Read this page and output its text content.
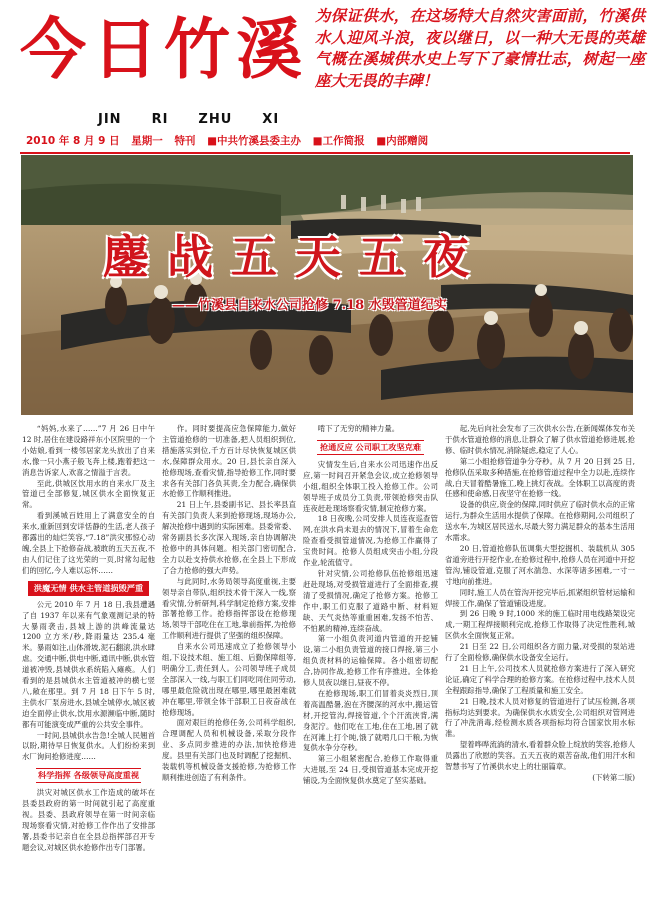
今日竹溪
JIN RI ZHU XI
为保证供水，在这场特大自然灾害面前，竹溪供水人迎风斗浪，夜以继日，以一种大无畏的英雄气概在溪城供水史上写下了豪情壮志，树起一座座大无畏的丰碑！
2010 年 8 月 9 日 星期一 特刊 ■中共竹溪县委主办 ■工作简报 ■内部赠阅
鏖战五天五夜
——竹溪县自来水公司抢修 7.18 水毁管道纪实

“妈妈,水来了……”7 月 26 日中午 12 时,居住在建设路祥东小区院里的一个小姑娘,看到一楼邻居家龙头放出了自来水,像一只小燕子般飞奔上楼,跑着把这一消息告诉家人,欢喜之情溢于言表。

至此,供城区饮用水的自来水厂及主管道已全部修复,城区供水全面恢复正常。

看到溪城百姓用上了满意安全的自来水,重新回到安详恬静的生活,老人孩子都露出的灿烂笑容,“7.18”洪灾那惊心动魄,全县上下抢修奋战,被敢的五天五夜,不由人们记住了这光荣的一页,时常勾起他们的回忆,今人难以忘怀……

洪魔无情 供水主管道损毁严重

公元 2010 年 7 月 18 日,我县遭遇了自 1937 年以来有气象观测记录的特大暴雨袭击,县城上游的洪峰流量达 1200 立方米/秒,降雨量达 235.4 毫米。暴雨如注,山体滑坡,泥石翻滚,洪水肆虐。交通中断,供电中断,通讯中断,供水管道被冲毁,县城供水系统陷入瘫痪。人们看到的是县城供水主管道被冲的横七竖八,敞在那里。到 7 月 18 日下午 5 时,主供水厂泵房进水,县城全城停水,城区被迫全面停止供水,饮用水源濒临中断,随时都有可能演变成严重的公共安全事件。

一时间,县城供水告急!全城人民翘首以盼,期待早日恢复供水。人们纷纷来到水厂询问抢修进度……

科学指挥 各级领导高度重视

洪灾对城区供水工作造成的破坏在县委县政府的第一时间就引起了高度重视。县委、县政府领导在第一时间亲临现场察看灾情,对抢修工作作出了安排部署,县委书记亲自在全县总指挥部召开专题会议,对城区供水抢修作出专门部署。

作。同时要提高应急保障能力,做好主管道抢修的一切准备,把人员组织到位,措施落实到位,千方百计尽快恢复城区供水,保障群众用水。20 日,县长亲自深入抢修现场,查看灾情,指导抢修工作,同时要求各有关部门各负其责,全力配合,确保供水抢修工作顺利推进。

21 日上午,县委副书记、县长率县直有关部门负责人来到抢修现场,现场办公,解决抢修中遇到的实际困难。县委常委、常务副县长多次深入现场,亲自协调解决抢修中的具体问题。相关部门密切配合,全力以赴支持供水抢修,在全县上下形成了合力抢修的强大声势。

与此同时,水务局领导高度重视,主要领导亲自带队,组织技术骨干深入一线,察看灾情,分析研判,科学制定抢修方案,安排部署抢修工作。抢修指挥部设在抢修现场,领导干部吃住在工地,靠前指挥,为抢修工作顺利进行提供了坚强的组织保障。

自来水公司迅速成立了抢修领导小组,下设技术组、施工组、后勤保障组等,明确分工,责任到人。公司领导班子成员全部深入一线,与职工们同吃同住同劳动,哪里最危险就出现在哪里,哪里最困难就冲在哪里,带领全体干部职工日夜奋战在抢修现场。

面对艰巨的抢修任务,公司科学组织,合理调配人员和机械设备,采取分段作业、多点同步推进的办法,加快抢修进度。县里有关部门也及时调配了挖掘机、装载机等机械设备支援抢修,为抢修工作顺利推进创造了有利条件。

啃下了无穷的精神力量。

抢通反应 公司职工攻坚克难

灾情发生后,自来水公司迅速作出反应,第一时间召开紧急会议,成立抢修领导小组,组织全体职工投入抢修工作。公司领导班子成员分工负责,带领抢修突击队连夜赶赴现场察看灾情,制定抢修方案。

18 日夜晚,公司安排人员连夜巡查管网,在洪水尚未退去的情况下,冒着生命危险查看受损管道情况,为抢修工作赢得了宝贵时间。抢修人员组成突击小组,分段作业,轮流值守。

针对灾情,公司抢修队伍抢修组迅速赶赴现场,对受损管道进行了全面排查,摸清了受损情况,确定了抢修方案。抢修工作中,职工们克服了道路中断、材料短缺、天气炎热等重重困难,发扬不怕苦、不怕累的精神,连续奋战。

第一小组负责河道内管道的开挖铺设,第二小组负责管道的接口焊接,第三小组负责材料的运输保障。各小组密切配合,协同作战,抢修工作有序推进。全体抢修人员夜以继日,昼夜不停。

在抢修现场,职工们冒着炎炎烈日,顶着高温酷暑,泡在齐腰深的河水中,搬运管材,开挖管沟,焊接管道,个个汗流浃背,满身泥泞。他们吃在工地,住在工地,困了就在河滩上打个盹,饿了就啃几口干粮,为恢复供水争分夺秒。

第三小组紧密配合,抢修工作取得重大进展,至 24 日,受损管道基本完成开挖铺设,为全面恢复供水奠定了坚实基础。

起,先后向社会发布了三次供水公告,在新闻媒体发布关于供水管道抢修的消息,让群众了解了供水管道抢修进展,抢修、临时供水情况,消除疑虑,稳定了人心。

第二小组抢修管道争分夺秒。从 7 月 20 日到 25 日,抢修队伍采取多种措施,在抢修管道过程中全力以赴,连续作战,白天冒着酷暑施工,晚上挑灯夜战。全体职工以高度的责任感和使命感,日夜坚守在抢修一线。

设备的供应,资金的保障,同时供应了临时供水点的正常运行,为群众生活用水提供了保障。在抢修期间,公司组织了送水车,为城区居民送水,尽最大努力满足群众的基本生活用水需求。

20 日,管道抢修队伍调集大型挖掘机、装载机从 305 省道旁进行开挖作业,在抢修过程中,抢修人员在河道中开挖管沟,铺设管道,克服了河水湍急、水深等诸多困难,一寸一寸地向前推进。

同时,施工人员在管沟开挖完毕后,抓紧组织管材运输和焊接工作,确保了管道铺设进度。

到 26 日晚 9 时,1000 米的施工临时用电线路架设完成,一期工程焊接顺利完成,抢修工作取得了决定性胜利,城区供水全面恢复正常。

21 日至 22 日,公司组织各方面力量,对受损的泵站进行了全面检修,确保供水设备安全运行。

21 日上午,公司技术人员就抢修方案进行了深入研究论证,确定了科学合理的抢修方案。在抢修过程中,技术人员全程跟踪指导,确保了工程质量和施工安全。

21 日晚,技术人员对修复的管道进行了试压检测,各项指标均达到要求。为确保供水水质安全,公司组织对管网进行了冲洗消毒,经检测水质各项指标均符合国家饮用水标准。

望着哗哗流淌的清水,看着群众脸上绽放的笑容,抢修人员露出了欣慰的笑容。五天五夜的艰苦奋战,他们用汗水和智慧书写了竹溪供水史上的壮丽篇章。

(下转第二版)
